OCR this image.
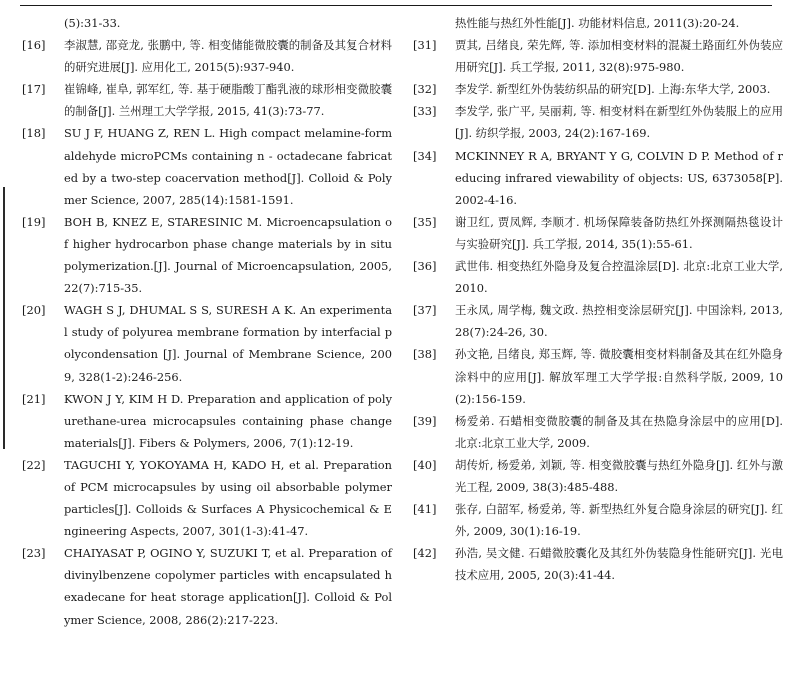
(5):31-33.
[16]	李淑慧, 邵竞龙, 张鹏中, 等. 相变储能微胶囊的制备及其复合材料的研究进展[J]. 应用化工, 2015(5):937-940.
[17]	崔锦峰, 崔阜, 郭军红, 等. 基于硬脂酸丁酯乳液的球形相变微胶囊的制备[J]. 兰州理工大学学报, 2015, 41(3):73-77.
[18]	SU J F, HUANG Z, REN L. High compact melamine-formaldehyde microPCMs containing n - octadecane fabricated by a two-step coacervation method[J]. Colloid & Polymer Science, 2007, 285(14):1581-1591.
[19]	BOH B, KNEZ E, STARESINIC M. Microencapsulation of higher hydrocarbon phase change materials by in situ polymerization.[J]. Journal of Microencapsulation, 2005, 22(7):715-35.
[20]	WAGH S J, DHUMAL S S, SURESH A K. An experimental study of polyurea membrane formation by interfacial polycondensation [J]. Journal of Membrane Science, 2009, 328(1-2):246-256.
[21]	KWON J Y, KIM H D. Preparation and application of polyurethane-urea microcapsules containing phase change materials[J]. Fibers & Polymers, 2006, 7(1):12-19.
[22]	TAGUCHI Y, YOKOYAMA H, KADO H, et al. Preparation of PCM microcapsules by using oil absorbable polymer particles[J]. Colloids & Surfaces A Physicochemical & Engineering Aspects, 2007, 301(1-3):41-47.
[23]	CHAIYASAT P, OGINO Y, SUZUKI T, et al. Preparation of divinylbenzene copolymer particles with encapsulated hexadecane for heat storage application[J]. Colloid & Polymer Science, 2008, 286(2):217-223.
热性能与热红外性能[J]. 功能材料信息, 2011(3):20-24.
[31]	贾其, 吕绪良, 荣先辉, 等. 添加相变材料的混凝土路面红外伪装应用研究[J]. 兵工学报, 2011, 32(8):975-980.
[32]	李发学. 新型红外伪装纺织品的研究[D]. 上海:东华大学, 2003.
[33]	李发学, 张广平, 吴丽莉, 等. 相变材料在新型红外伪装服上的应用[J]. 纺织学报, 2003, 24(2):167-169.
[34]	MCKINNEY R A, BRYANT Y G, COLVIN D P. Method of reducing infrared viewability of objects: US, 6373058[P]. 2002-4-16.
[35]	谢卫红, 贾凤辉, 李顺才. 机场保障装备防热红外探测隔热毯设计与实验研究[J]. 兵工学报, 2014, 35(1):55-61.
[36]	武世伟. 相变热红外隐身及复合控温涂层[D]. 北京:北京工业大学, 2010.
[37]	王永凤, 周学梅, 魏文政. 热控相变涂层研究[J]. 中国涂料, 2013, 28(7):24-26, 30.
[38]	孙文艳, 吕绪良, 郑玉辉, 等. 微胶囊相变材料制备及其在红外隐身涂料中的应用[J]. 解放军理工大学学报:自然科学版, 2009, 10(2):156-159.
[39]	杨爱弟. 石蜡相变微胶囊的制备及其在热隐身涂层中的应用[D]. 北京:北京工业大学, 2009.
[40]	胡传炘, 杨爱弟, 刘颖, 等. 相变微胶囊与热红外隐身[J]. 红外与激光工程, 2009, 38(3):485-488.
[41]	张存, 白韶军, 杨爱弟, 等. 新型热红外复合隐身涂层的研究[J]. 红外, 2009, 30(1):16-19.
[42]	孙浩, 吴文健. 石蜡微胶囊化及其红外伪装隐身性能研究[J]. 光电技术应用, 2005, 20(3):41-44.
